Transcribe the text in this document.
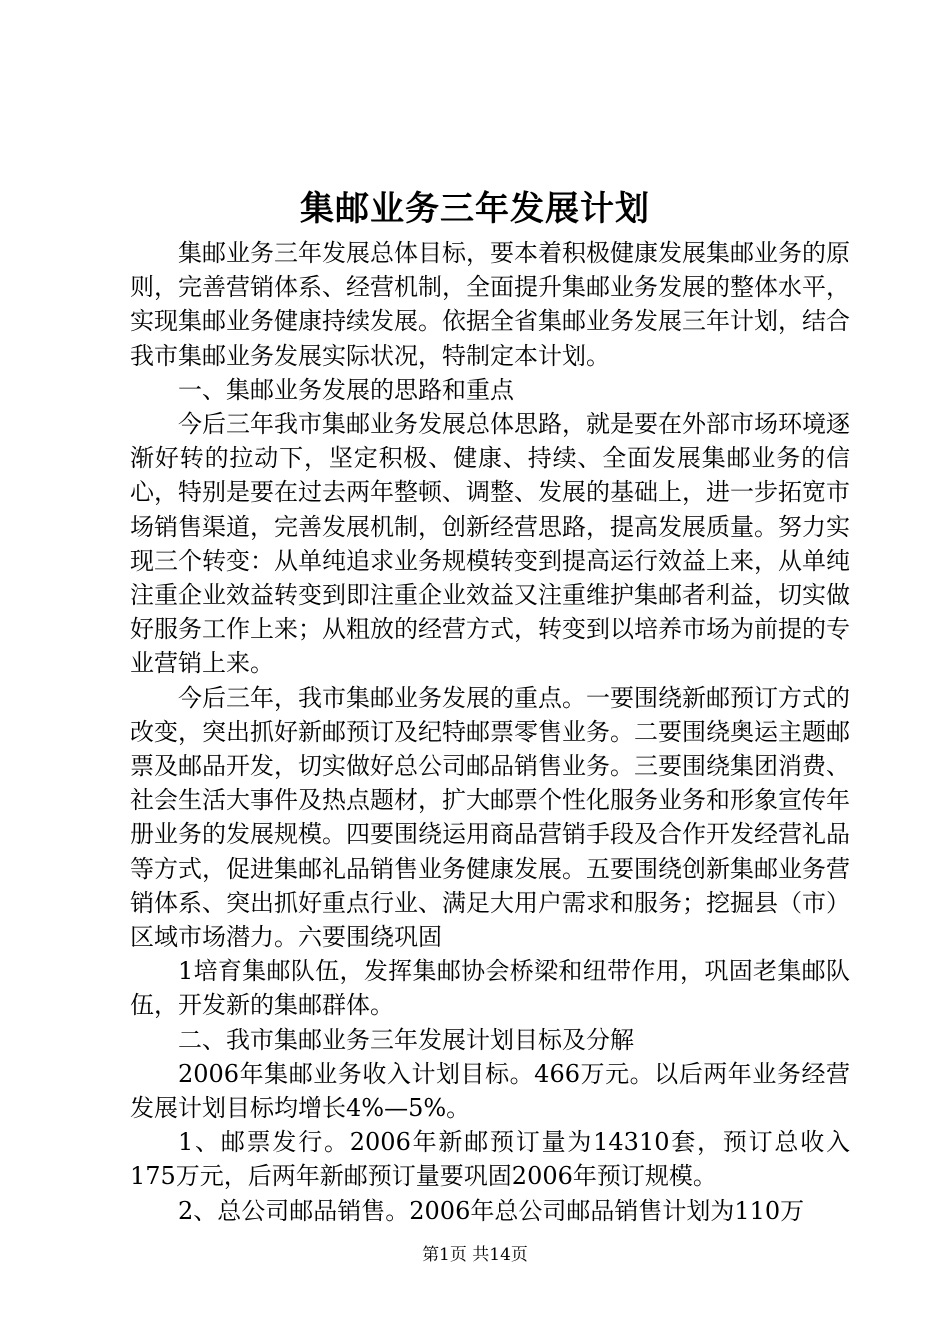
集邮业务三年发展计划

集邮业务三年发展总体目标，要本着积极健康发展集邮业务的原则，完善营销体系、经营机制，全面提升集邮业务发展的整体水平，实现集邮业务健康持续发展。依据全省集邮业务发展三年计划，结合我市集邮业务发展实际状况，特制定本计划。

一、集邮业务发展的思路和重点

今后三年我市集邮业务发展总体思路，就是要在外部市场环境逐渐好转的拉动下，坚定积极、健康、持续、全面发展集邮业务的信心，特别是要在过去两年整顿、调整、发展的基础上，进一步拓宽市场销售渠道，完善发展机制，创新经营思路，提高发展质量。努力实现三个转变：从单纯追求业务规模转变到提高运行效益上来，从单纯注重企业效益转变到即注重企业效益又注重维护集邮者利益，切实做好服务工作上来；从粗放的经营方式，转变到以培养市场为前提的专业营销上来。

今后三年，我市集邮业务发展的重点。一要围绕新邮预订方式的改变，突出抓好新邮预订及纪特邮票零售业务。二要围绕奥运主题邮票及邮品开发，切实做好总公司邮品销售业务。三要围绕集团消费、社会生活大事件及热点题材，扩大邮票个性化服务业务和形象宣传年册业务的发展规模。四要围绕运用商品营销手段及合作开发经营礼品等方式，促进集邮礼品销售业务健康发展。五要围绕创新集邮业务营销体系、突出抓好重点行业、满足大用户需求和服务；挖掘县（市）区域市场潜力。六要围绕巩固

1培育集邮队伍，发挥集邮协会桥梁和纽带作用，巩固老集邮队伍，开发新的集邮群体。

二、我市集邮业务三年发展计划目标及分解

2006年集邮业务收入计划目标。466万元。以后两年业务经营发展计划目标均增长4%—5%。

1、邮票发行。2006年新邮预订量为14310套，预订总收入175万元，后两年新邮预订量要巩固2006年预订规模。

2、总公司邮品销售。2006年总公司邮品销售计划为110万

第1页 共14页
